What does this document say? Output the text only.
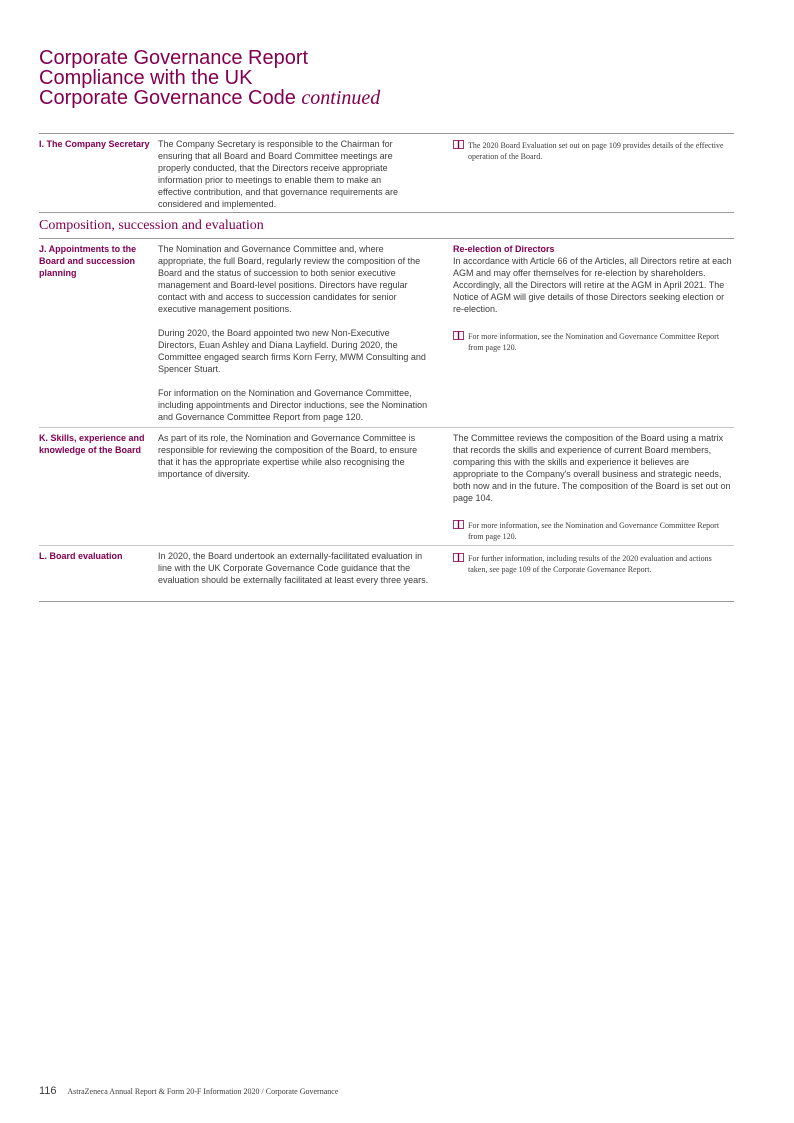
Corporate Governance Report
Compliance with the UK
Corporate Governance Code continued
I. The Company Secretary The Company Secretary is responsible to the Chairman for ensuring that all Board and Board Committee meetings are properly conducted, that the Directors receive appropriate information prior to meetings to enable them to make an effective contribution, and that governance requirements are considered and implemented.

The 2020 Board Evaluation set out on page 109 provides details of the effective operation of the Board.
Composition, succession and evaluation
J. Appointments to the Board and succession planning

The Nomination and Governance Committee and, where appropriate, the full Board, regularly review the composition of the Board and the status of succession to both senior executive management and Board-level positions. Directors have regular contact with and access to succession candidates for senior executive management positions.

During 2020, the Board appointed two new Non-Executive Directors, Euan Ashley and Diana Layfield. During 2020, the Committee engaged search firms Korn Ferry, MWM Consulting and Spencer Stuart.

For information on the Nomination and Governance Committee, including appointments and Director inductions, see the Nomination and Governance Committee Report from page 120.

Re-election of Directors

In accordance with Article 66 of the Articles, all Directors retire at each AGM and may offer themselves for re-election by shareholders. Accordingly, all the Directors will retire at the AGM in April 2021. The Notice of AGM will give details of those Directors seeking election or re-election.

For more information, see the Nomination and Governance Committee Report from page 120.
K. Skills, experience and knowledge of the Board

As part of its role, the Nomination and Governance Committee is responsible for reviewing the composition of the Board, to ensure that it has the appropriate expertise while also recognising the importance of diversity.

The Committee reviews the composition of the Board using a matrix that records the skills and experience of current Board members, comparing this with the skills and experience it believes are appropriate to the Company's overall business and strategic needs, both now and in the future. The composition of the Board is set out on page 104.

For more information, see the Nomination and Governance Committee Report from page 120.
L. Board evaluation	In 2020, the Board undertook an externally-facilitated evaluation in line with the UK Corporate Governance Code guidance that the evaluation should be externally facilitated at least every three years.

For further information, including results of the 2020 evaluation and actions taken, see page 109 of the Corporate Governance Report.
116 AstraZeneca Annual Report & Form 20-F Information 2020 / Corporate Governance
